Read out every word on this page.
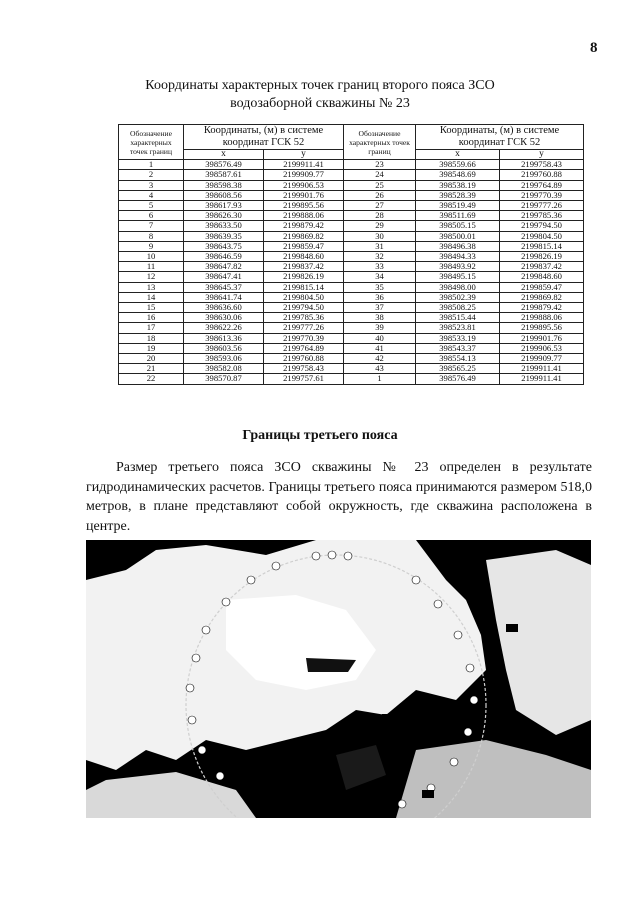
8
Координаты характерных точек границ второго пояса ЗСО
водозаборной скважины № 23
Обозначение характерных точек границ	Координаты, (м) в системе координат ГСК 52		Обозначение характерных точек границ	Координаты, (м) в системе координат ГСК 52	
	x	y		x	y
1	398576.49	2199911.41	23	398559.66	2199758.43
2	398587.61	2199909.77	24	398548.69	2199760.88
3	398598.38	2199906.53	25	398538.19	2199764.89
4	398608.56	2199901.76	26	398528.39	2199770.39
5	398617.93	2199895.56	27	398519.49	2199777.26
6	398626.30	2199888.06	28	398511.69	2199785.36
7	398633.50	2199879.42	29	398505.15	2199794.50
8	398639.35	2199869.82	30	398500.01	2199804.50
9	398643.75	2199859.47	31	398496.38	2199815.14
10	398646.59	2199848.60	32	398494.33	2199826.19
11	398647.82	2199837.42	33	398493.92	2199837.42
12	398647.41	2199826.19	34	398495.15	2199848.60
13	398645.37	2199815.14	35	398498.00	2199859.47
14	398641.74	2199804.50	36	398502.39	2199869.82
15	398636.60	2199794.50	37	398508.25	2199879.42
16	398630.06	2199785.36	38	398515.44	2199888.06
17	398622.26	2199777.26	39	398523.81	2199895.56
18	398613.36	2199770.39	40	398533.19	2199901.76
19	398603.56	2199764.89	41	398543.37	2199906.53
20	398593.06	2199760.88	42	398554.13	2199909.77
21	398582.08	2199758.43	43	398565.25	2199911.41
22	398570.87	2199757.61	1	398576.49	2199911.41
Границы третьего пояса
Размер третьего пояса ЗСО скважины № 23 определен в результате гидродинамических расчетов. Границы третьего пояса принимаются размером 518,0 метров, в плане представляют собой окружность, где скважина расположена в центре.
